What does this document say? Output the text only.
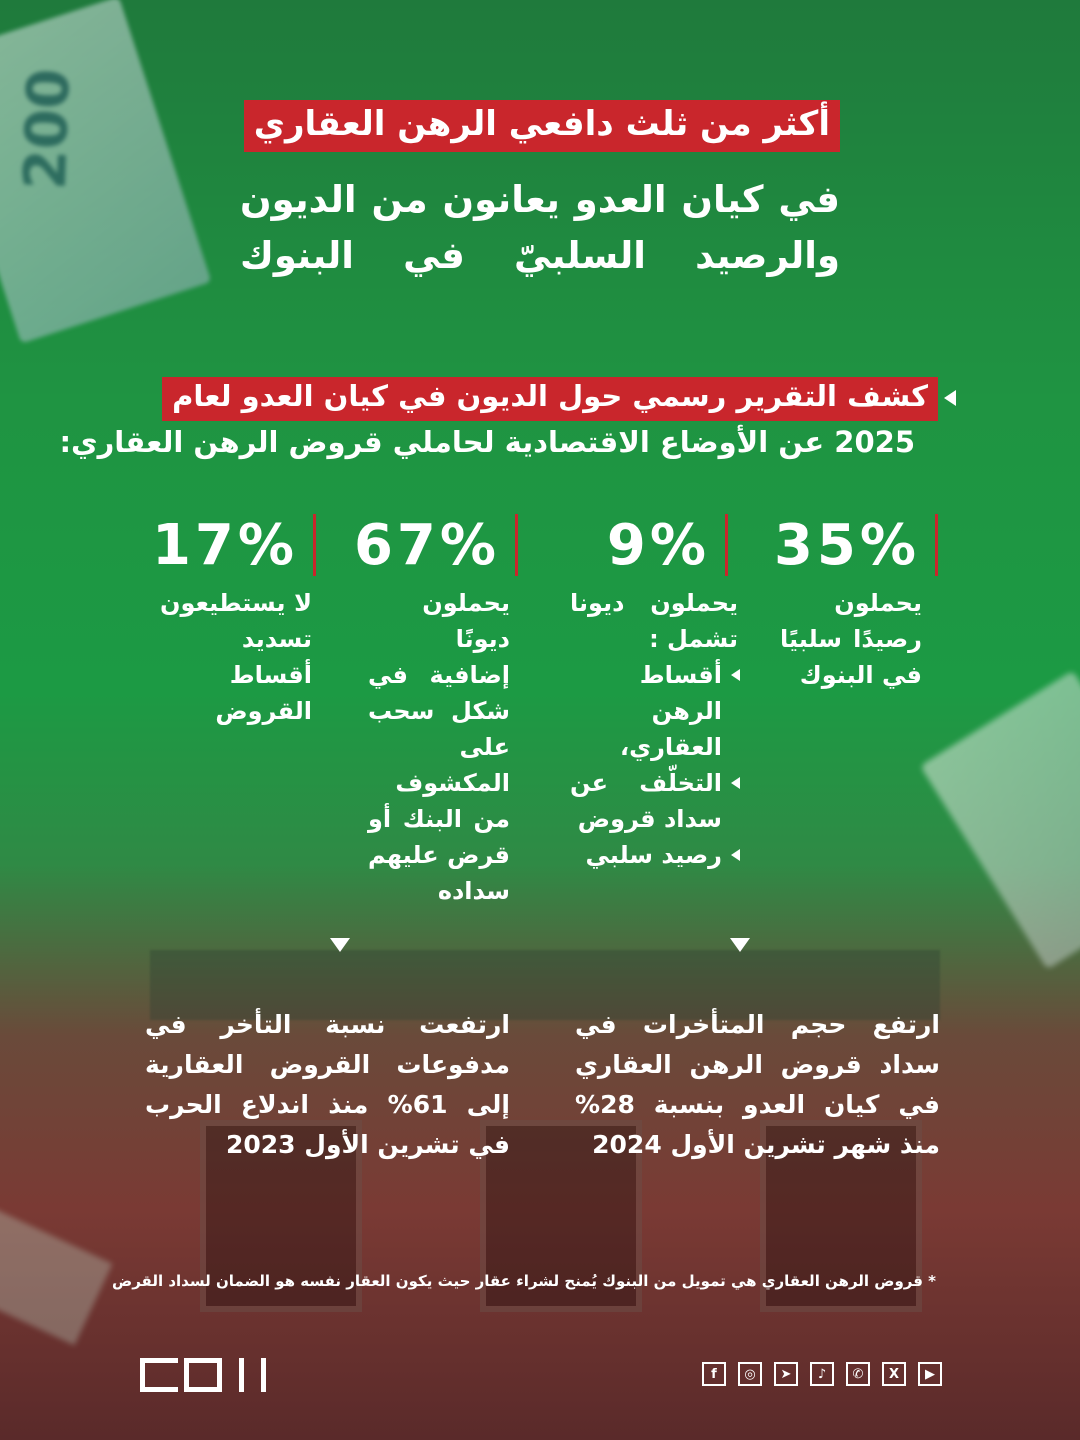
200	أكثر من ثلث دافعي الرهن العقاري
في كيان العدو يعانون من الديون والرصيد السلبيّ في البنوك
كشف التقرير رسمي حول الديون في كيان العدو لعام
2025 عن الأوضاع الاقتصادية لحاملي قروض الرهن العقاري:
35%
يحملون رصيدًا سلبيًا في البنوك
9%
يحملون ديونا تشمل :
أقساط الرهن العقاري،
التخلّف عن سداد قروض
رصيد سلبي
67%
يحملون ديونًا إضافية في شكل سحب على المكشوف من البنك أو قرض عليهم سداده
17%
لا يستطيعون تسديد أقساط القروض
ارتفع حجم المتأخرات في سداد قروض الرهن العقاري في كيان العدو بنسبة 28% منذ شهر تشرين الأول 2024
ارتفعت نسبة التأخر في مدفوعات القروض العقارية إلى 61% منذ اندلاع الحرب في تشرين الأول 2023
* قروض الرهن العقاري هي تمويل من البنوك يُمنح لشراء عقار حيث يكون العقار نفسه هو الضمان لسداد القرض
f	◎	➤	♪	✆	X	▶
